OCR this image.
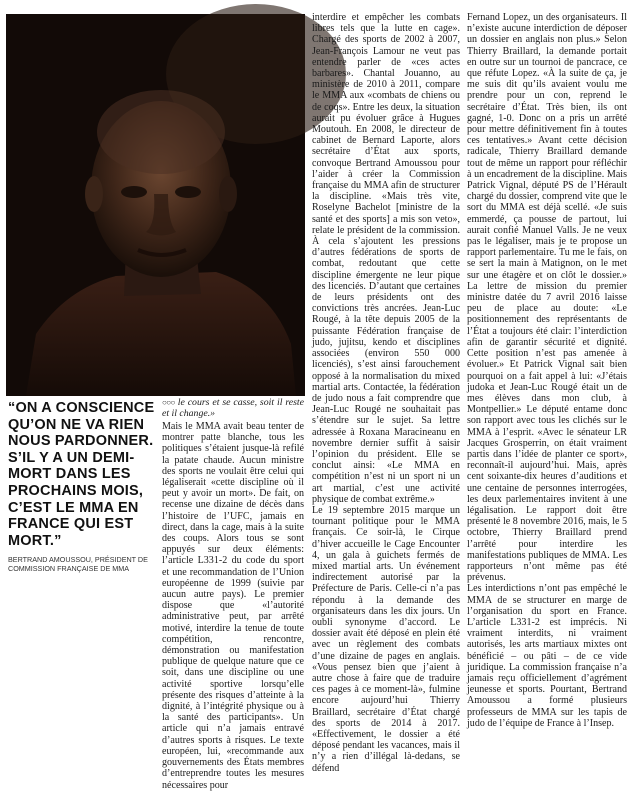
“ON A CONSCIENCE QU’ON NE VA RIEN NOUS PARDONNER. S’IL Y A UN DEMI-MORT DANS LES PROCHAINS MOIS, C’EST LE MMA EN FRANCE QUI EST MORT.”

BERTRAND AMOUSSOU, PRÉSIDENT DE COMMISSION FRANÇAISE DE MMA

○○○ le cours et se casse, soit il reste et il change.»

Mais le MMA avait beau tenter de montrer patte blanche, tous les politiques s’étaient jusque-là refilé la patate chaude. Aucun ministre des sports ne voulait être celui qui légaliserait «cette discipline où il peut y avoir un mort». De fait, on recense une dizaine de décès dans l’histoire de l’UFC, jamais en direct, dans la cage, mais à la suite des coups. Alors tous se sont appuyés sur deux éléments: l’article L331-2 du code du sport et une recommandation de l’Union européenne de 1999 (suivie par aucun autre pays). Le premier dispose que «l’autorité administrative peut, par arrêté motivé, interdire la tenue de toute compétition, rencontre, démonstration ou manifestation publique de quelque nature que ce soit, dans une discipline ou une activité sportive lorsqu’elle présente des risques d’atteinte à la dignité, à l’intégrité physique ou à la santé des participants». Un article qui n’a jamais entravé d’autres sports à risques. Le texte européen, lui, «recommande aux gouvernements des États membres d’entreprendre toutes les mesures nécessaires pour

interdire et empêcher les combats libres tels que la lutte en cage». Chargé des sports de 2002 à 2007, Jean-François Lamour ne veut pas entendre parler de «ces actes barbares». Chantal Jouanno, au ministère de 2010 à 2011, compare le MMA aux «combats de chiens ou de coqs». Entre les deux, la situation aurait pu évoluer grâce à Hugues Moutouh. En 2008, le directeur de cabinet de Bernard Laporte, alors secrétaire d’État aux sports, convoque Bertrand Amoussou pour l’aider à créer la Commission française du MMA afin de structurer la discipline. «Mais très vite, Roselyne Bachelot [ministre de la santé et des sports] a mis son veto», relate le président de la commission. À cela s’ajoutent les pressions d’autres fédérations de sports de combat, redoutant que cette discipline émergente ne leur pique des licenciés. D’autant que certaines de leurs présidents ont des convictions très ancrées. Jean-Luc Rougé, à la tête depuis 2005 de la puissante Fédération française de judo, jujitsu, kendo et disciplines associées (environ 550 000 licenciés), s’est ainsi farouchement opposé à la normalisation du mixed martial arts. Contactée, la fédération de judo nous a fait comprendre que Jean-Luc Rougé ne souhaitait pas s’étendre sur le sujet. Sa lettre adressée à Roxana Maracineanu en novembre dernier suffit à saisir l’opinion du président. Elle se conclut ainsi: «Le MMA en compétition n’est ni un sport ni un art martial, c’est une activité physique de combat extrême.»

Le 19 septembre 2015 marque un tournant politique pour le MMA français. Ce soir-là, le Cirque d’hiver accueille le Cage Encounter 4, un gala à guichets fermés de mixed martial arts. Un événement indirectement autorisé par la Préfecture de Paris. Celle-ci n’a pas répondu à la demande des organisateurs dans les dix jours. Un oubli synonyme d’accord. Le dossier avait été déposé en plein été avec un règlement des combats d’une dizaine de pages en anglais. «Vous pensez bien que j’aient à autre chose à faire que de traduire ces pages à ce moment-là», fulmine encore aujourd’hui Thierry Braillard, secrétaire d’État chargé des sports de 2014 à 2017. «Effectivement, le dossier a été déposé pendant les vacances, mais il n’y a rien d’illégal là-dedans, se défend

Fernand Lopez, un des organisateurs. Il n’existe aucune interdiction de déposer un dossier en anglais non plus.» Selon Thierry Braillard, la demande portait en outre sur un tournoi de pancrace, ce que réfute Lopez. «À la suite de ça, je me suis dit qu’ils avaient voulu me prendre pour un con, reprend le secrétaire d’État. Très bien, ils ont gagné, 1-0. Donc on a pris un arrêté pour mettre définitivement fin à toutes ces tentatives.» Avant cette décision radicale, Thierry Braillard demande tout de même un rapport pour réfléchir à un encadrement de la discipline. Mais Patrick Vignal, député PS de l’Hérault chargé du dossier, comprend vite que le sort du MMA est déjà scellé. «Je suis emmerdé, ça pousse de partout, lui aurait confié Manuel Valls. Je ne veux pas le légaliser, mais je te propose un rapport parlementaire. Tu me le fais, on se sert la main à Matignon, on le met sur une étagère et on clôt le dossier.» La lettre de mission du premier ministre datée du 7 avril 2016 laisse peu de place au doute: «Le positionnement des représentants de l’État a toujours été clair: l’interdiction afin de garantir sécurité et dignité. Cette position n’est pas amenée à évoluer.» Et Patrick Vignal sait bien pourquoi on a fait appel à lui: «J’étais judoka et Jean-Luc Rougé était un de mes élèves dans mon club, à Montpellier.» Le député entame donc son rapport avec tous les clichés sur le MMA à l’esprit. «Avec le sénateur LR Jacques Grosperrin, on était vraiment partis dans l’idée de planter ce sport», reconnaît-il aujourd’hui. Mais, après cent soixante-dix heures d’auditions et une centaine de personnes interrogées, les deux parlementaires invitent à une légalisation. Le rapport doit être présenté le 8 novembre 2016, mais, le 5 octobre, Thierry Braillard prend l’arrêté pour interdire les manifestations publiques de MMA. Les rapporteurs n’ont même pas été prévenus.

Les interdictions n’ont pas empêché le MMA de se structurer en marge de l’organisation du sport en France. L’article L331-2 est imprécis. Ni vraiment interdits, ni vraiment autorisés, les arts martiaux mixtes ont bénéficié – ou pâti – de ce vide juridique. La commission française n’a jamais reçu officiellement d’agrément jeunesse et sports. Pourtant, Bertrand Amoussou a formé plusieurs professeurs de MMA sur les tapis de judo de l’équipe de France à l’Insep.
